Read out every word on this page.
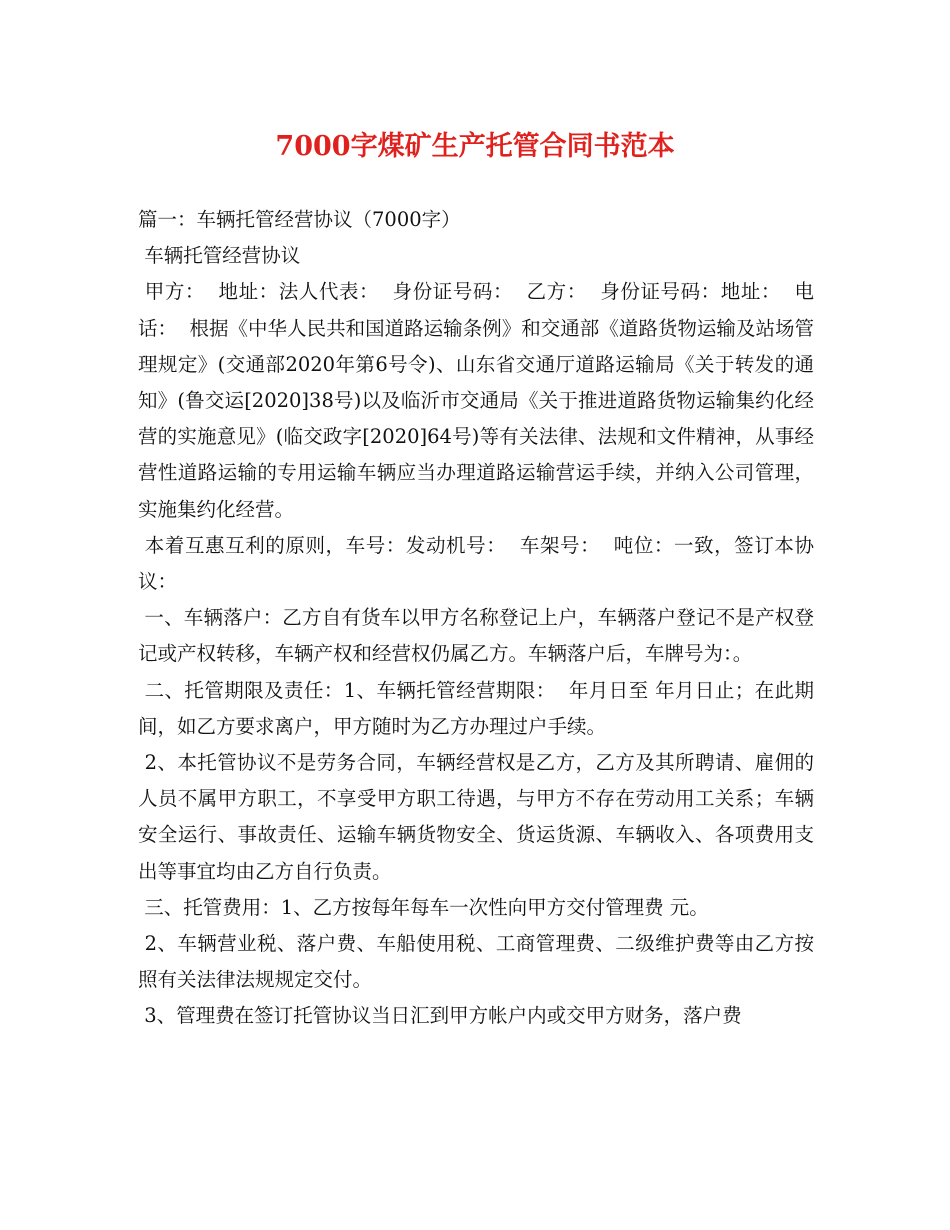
7000字煤矿生产托管合同书范本

篇一：车辆托管经营协议（7000字）

车辆托管经营协议

甲方：  地址：法人代表：  身份证号码：  乙方：  身份证号码：地址：  电话：  根据《中华人民共和国道路运输条例》和交通部《道路货物运输及站场管理规定》(交通部2020年第6号令)、山东省交通厅道路运输局《关于转发的通知》(鲁交运[2020]38号)以及临沂市交通局《关于推进道路货物运输集约化经营的实施意见》(临交政字[2020]64号)等有关法律、法规和文件精神，从事经营性道路运输的专用运输车辆应当办理道路运输营运手续，并纳入公司管理，实施集约化经营。

本着互惠互利的原则，车号：发动机号：  车架号：  吨位：一致，签订本协议：

一、车辆落户：乙方自有货车以甲方名称登记上户，车辆落户登记不是产权登记或产权转移，车辆产权和经营权仍属乙方。车辆落户后，车牌号为：。

二、托管期限及责任：1、车辆托管经营期限：  年月日至 年月日止；在此期间，如乙方要求离户，甲方随时为乙方办理过户手续。

2、本托管协议不是劳务合同，车辆经营权是乙方，乙方及其所聘请、雇佣的人员不属甲方职工，不享受甲方职工待遇，与甲方不存在劳动用工关系；车辆安全运行、事故责任、运输车辆货物安全、货运货源、车辆收入、各项费用支出等事宜均由乙方自行负责。

三、托管费用：1、乙方按每年每车一次性向甲方交付管理费 元。

2、车辆营业税、落户费、车船使用税、工商管理费、二级维护费等由乙方按照有关法律法规规定交付。

3、管理费在签订托管协议当日汇到甲方帐户内或交甲方财务，落户费
